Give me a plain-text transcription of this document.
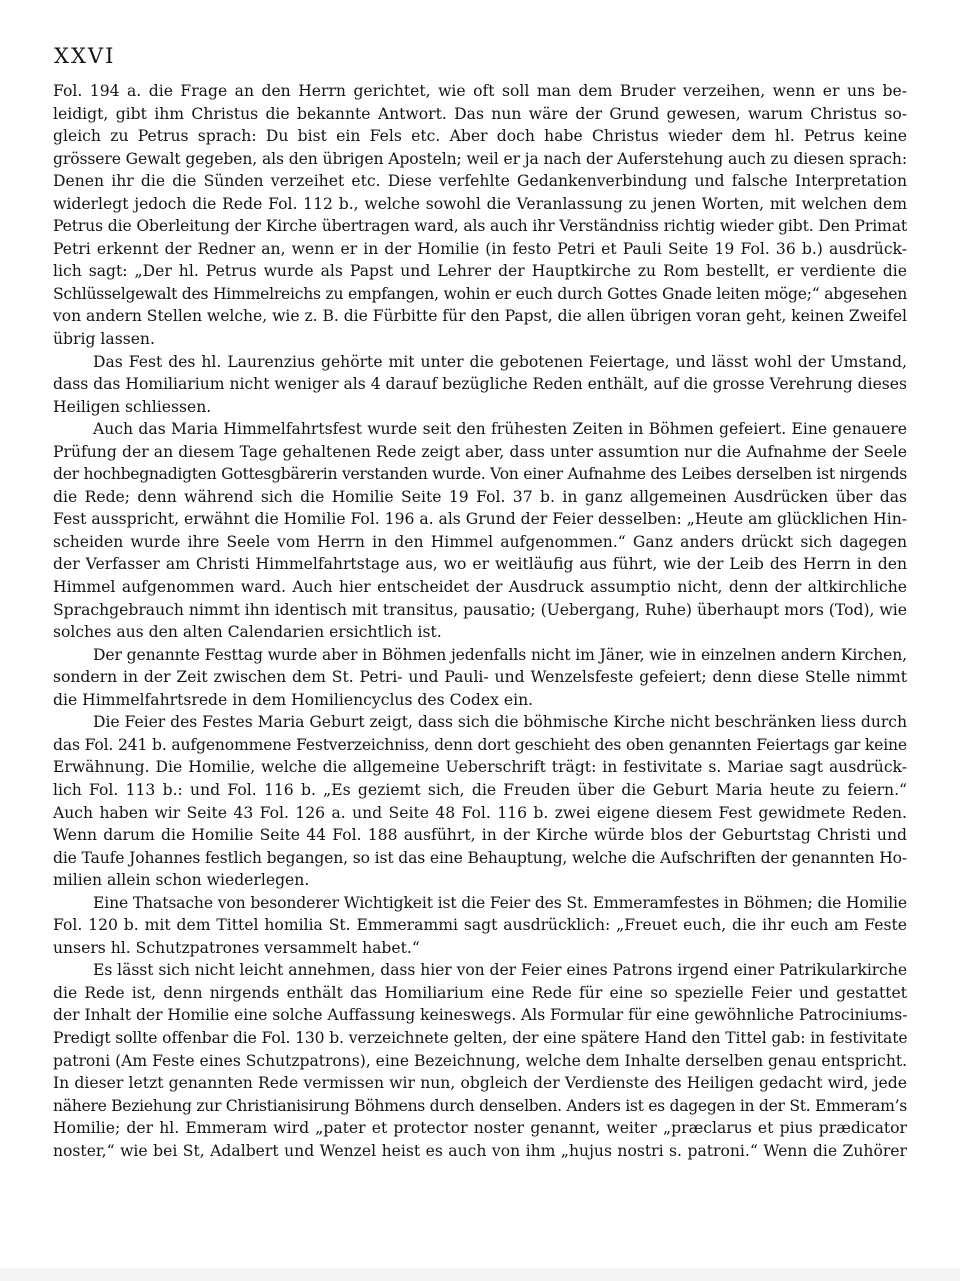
XXVI
Fol. 194 a. die Frage an den Herrn gerichtet, wie oft soll man dem Bruder verzeihen, wenn er uns be-
leidigt, gibt ihm Christus die bekannte Antwort. Das nun wäre der Grund gewesen, warum Christus so-
gleich zu Petrus sprach: Du bist ein Fels etc. Aber doch habe Christus wieder dem hl. Petrus keine
grössere Gewalt gegeben, als den übrigen Aposteln; weil er ja nach der Auferstehung auch zu diesen sprach:
Denen ihr die die Sünden verzeihet etc. Diese verfehlte Gedankenverbindung und falsche Interpretation
widerlegt jedoch die Rede Fol. 112 b., welche sowohl die Veranlassung zu jenen Worten, mit welchen dem
Petrus die Oberleitung der Kirche übertragen ward, als auch ihr Verständniss richtig wieder gibt. Den Primat
Petri erkennt der Redner an, wenn er in der Homilie (in festo Petri et Pauli Seite 19 Fol. 36 b.) ausdrück-
lich sagt: „Der hl. Petrus wurde als Papst und Lehrer der Hauptkirche zu Rom bestellt, er verdiente die
Schlüsselgewalt des Himmelreichs zu empfangen, wohin er euch durch Gottes Gnade leiten möge;“ abgesehen
von andern Stellen welche, wie z. B. die Fürbitte für den Papst, die allen übrigen voran geht, keinen Zweifel
übrig lassen.
Das Fest des hl. Laurenzius gehörte mit unter die gebotenen Feiertage, und lässt wohl der Umstand,
dass das Homiliarium nicht weniger als 4 darauf bezügliche Reden enthält, auf die grosse Verehrung dieses
Heiligen schliessen.
Auch das Maria Himmelfahrtsfest wurde seit den frühesten Zeiten in Böhmen gefeiert. Eine genauere
Prüfung der an diesem Tage gehaltenen Rede zeigt aber, dass unter assumtion nur die Aufnahme der Seele
der hochbegnadigten Gottesgbärerin verstanden wurde. Von einer Aufnahme des Leibes derselben ist nirgends
die Rede; denn während sich die Homilie Seite 19 Fol. 37 b. in ganz allgemeinen Ausdrücken über das
Fest ausspricht, erwähnt die Homilie Fol. 196 a. als Grund der Feier desselben: „Heute am glücklichen Hin-
scheiden wurde ihre Seele vom Herrn in den Himmel aufgenommen.“ Ganz anders drückt sich dagegen
der Verfasser am Christi Himmelfahrtstage aus, wo er weitläufig aus führt, wie der Leib des Herrn in den
Himmel aufgenommen ward. Auch hier entscheidet der Ausdruck assumptio nicht, denn der altkirchliche
Sprachgebrauch nimmt ihn identisch mit transitus, pausatio; (Uebergang, Ruhe) überhaupt mors (Tod), wie
solches aus den alten Calendarien ersichtlich ist.
Der genannte Festtag wurde aber in Böhmen jedenfalls nicht im Jäner, wie in einzelnen andern Kirchen,
sondern in der Zeit zwischen dem St. Petri- und Pauli- und Wenzelsfeste gefeiert; denn diese Stelle nimmt
die Himmelfahrtsrede in dem Homiliencyclus des Codex ein.
Die Feier des Festes Maria Geburt zeigt, dass sich die böhmische Kirche nicht beschränken liess durch
das Fol. 241 b. aufgenommene Festverzeichniss, denn dort geschieht des oben genannten Feiertags gar keine
Erwähnung. Die Homilie, welche die allgemeine Ueberschrift trägt: in festivitate s. Mariae sagt ausdrück-
lich Fol. 113 b.: und Fol. 116 b. „Es geziemt sich, die Freuden über die Geburt Maria heute zu feiern.“
Auch haben wir Seite 43 Fol. 126 a. und Seite 48 Fol. 116 b. zwei eigene diesem Fest gewidmete Reden.
Wenn darum die Homilie Seite 44 Fol. 188 ausführt, in der Kirche würde blos der Geburtstag Christi und
die Taufe Johannes festlich begangen, so ist das eine Behauptung, welche die Aufschriften der genannten Ho-
milien allein schon wiederlegen.
Eine Thatsache von besonderer Wichtigkeit ist die Feier des St. Emmeramfestes in Böhmen; die Homilie
Fol. 120 b. mit dem Tittel homilia St. Emmerammi sagt ausdrücklich: „Freuet euch, die ihr euch am Feste
unsers hl. Schutzpatrones versammelt habet.“
Es lässt sich nicht leicht annehmen, dass hier von der Feier eines Patrons irgend einer Patrikularkirche
die Rede ist, denn nirgends enthält das Homiliarium eine Rede für eine so spezielle Feier und gestattet
der Inhalt der Homilie eine solche Auffassung keineswegs. Als Formular für eine gewöhnliche Patrociniums-
Predigt sollte offenbar die Fol. 130 b. verzeichnete gelten, der eine spätere Hand den Tittel gab: in festivitate
patroni (Am Feste eines Schutzpatrons), eine Bezeichnung, welche dem Inhalte derselben genau entspricht.
In dieser letzt genannten Rede vermissen wir nun, obgleich der Verdienste des Heiligen gedacht wird, jede
nähere Beziehung zur Christianisirung Böhmens durch denselben. Anders ist es dagegen in der St. Emmeram’s
Homilie; der hl. Emmeram wird „pater et protector noster genannt, weiter „præclarus et pius prædicator
noster,“ wie bei St, Adalbert und Wenzel heist es auch von ihm „hujus nostri s. patroni.“ Wenn die Zuhörer
